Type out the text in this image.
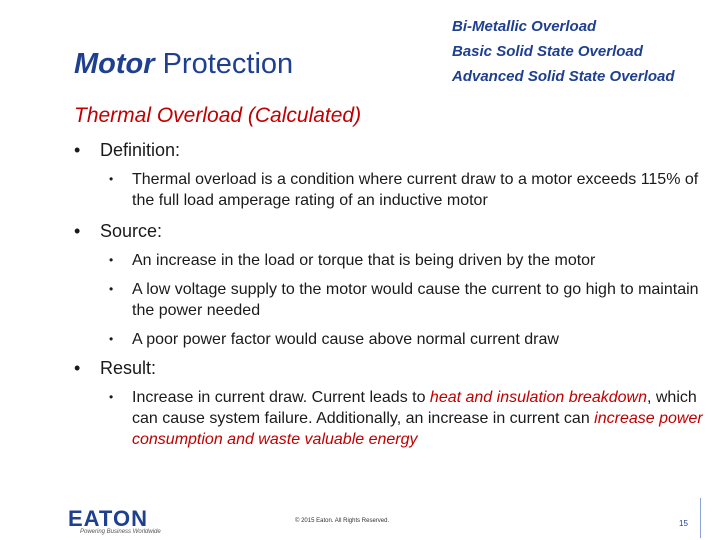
Motor Protection
Bi-Metallic Overload
Basic Solid State Overload
Advanced Solid State Overload
Thermal Overload (Calculated)
• Definition:
• Thermal overload is a condition where current draw to a motor exceeds 115% of the full load amperage rating of an inductive motor
• Source:
• An increase in the load or torque that is being driven by the motor
• A low voltage supply to the motor would cause the current to go high to maintain the power needed
• A poor power factor would cause above normal current draw
• Result:
• Increase in current draw. Current leads to heat and insulation breakdown, which can cause system failure. Additionally, an increase in current can increase power consumption and waste valuable energy
EATON
Powering Business Worldwide
© 2015 Eaton. All Rights Reserved.	15
